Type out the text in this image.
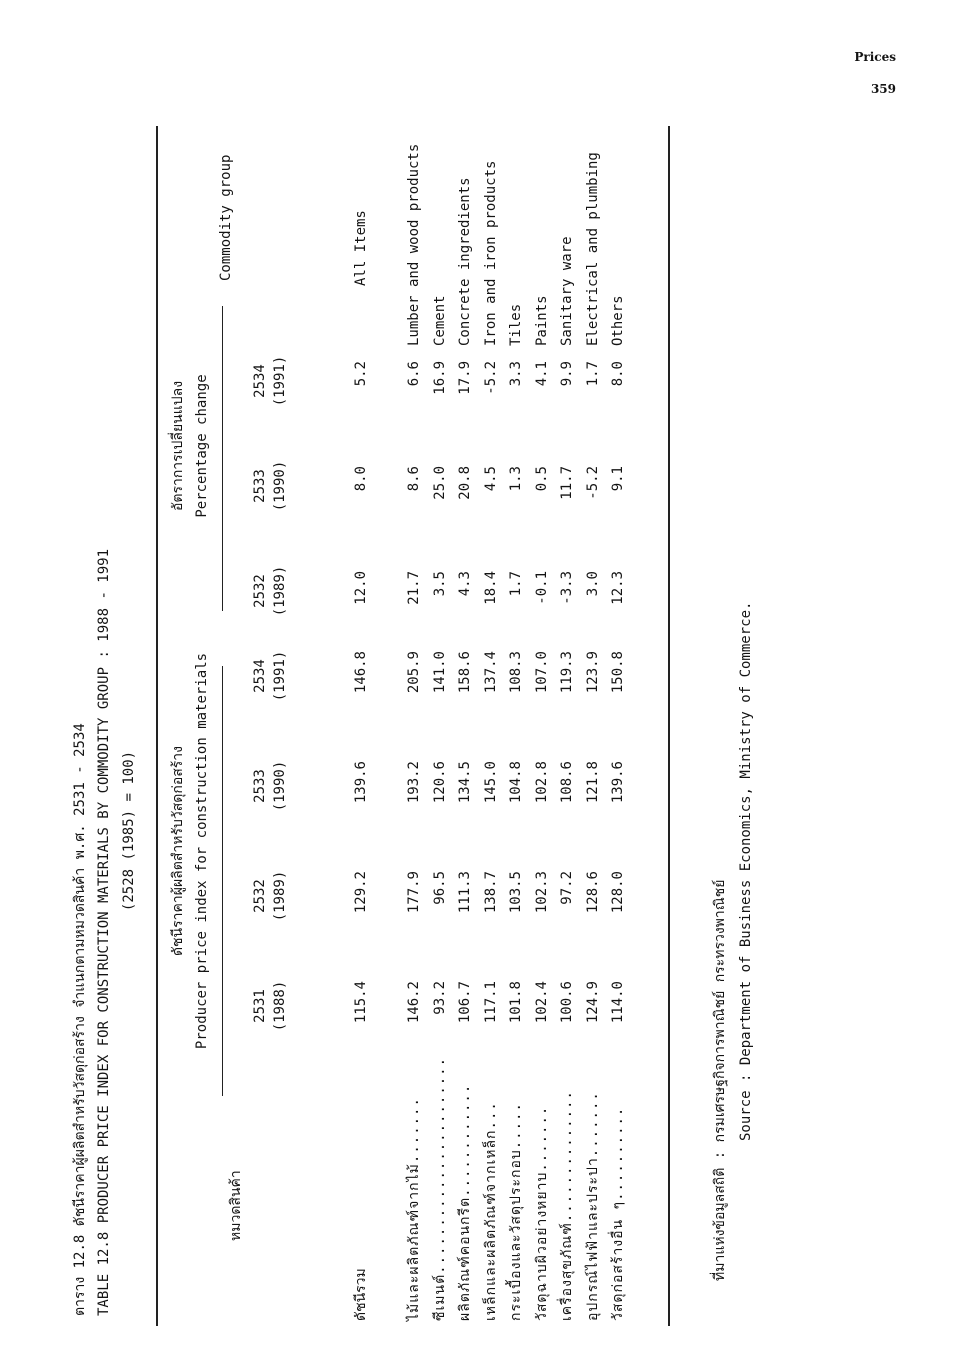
Prices
359
ตาราง 12.8 ดัชนีราคาผู้ผลิตสำหรับวัสดุก่อสร้าง จำแนกตามหมวดสินค้า พ.ศ. 2531 - 2534 TABLE 12.8 PRODUCER PRICE INDEX FOR CONSTRUCTION MATERIALS BY COMMODITY GROUP : 1988 - 1991 (2528 (1985) = 100)
หมวดสินค้า
Commodity group
ดัชนีราคาผู้ผลิตสำหรับวัสดุก่อสร้าง Producer price index for construction materials
อัตราการเปลี่ยนแปลง Percentage change
2531 (1988)
2532 (1989)
2533 (1990)
2534 (1991)
2532 (1989)
2533 (1990)
2534 (1991)
ดัชนีรวม
115.4
129.2
139.6
146.8
12.0
8.0
5.2
All Items
ไม้และผลิตภัณฑ์จากไม้.......
146.2
177.9
193.2
205.9
21.7
8.6
6.6
Lumber and wood products
ซีเมนต์.......................
93.2
96.5
120.6
141.0
3.5
25.0
16.9
Cement
ผลิตภัณฑ์คอนกรีต............
106.7
111.3
134.5
158.6
4.3
20.8
17.9
Concrete ingredients
เหล็กและผลิตภัณฑ์จากเหล็ก...
117.1
138.7
145.0
137.4
18.4
4.5
-5.2
Iron and iron products
กระเบื้องและวัสดุประกอบ.....
101.8
103.5
104.8
108.3
1.7
1.3
3.3
Tiles
วัสดุฉาบผิวอย่างหยาบ.......
102.4
102.3
102.8
107.0
-0.1
0.5
4.1
Paints
เครื่องสุขภัณฑ์..............
100.6
97.2
108.6
119.3
-3.3
11.7
9.9
Sanitary ware
อุปกรณ์ไฟฟ้าและประปา.......
124.9
128.6
121.8
123.9
3.0
-5.2
1.7
Electrical and plumbing
วัสดุก่อสร้างอื่น ๆ..........
114.0
128.0
139.6
150.8
12.3
9.1
8.0
Others
ที่มาแห่งข้อมูลสถิติ : กรมเศรษฐกิจการพาณิชย์ กระทรวงพาณิชย์ Source : Department of Business Economics, Ministry of Commerce.
